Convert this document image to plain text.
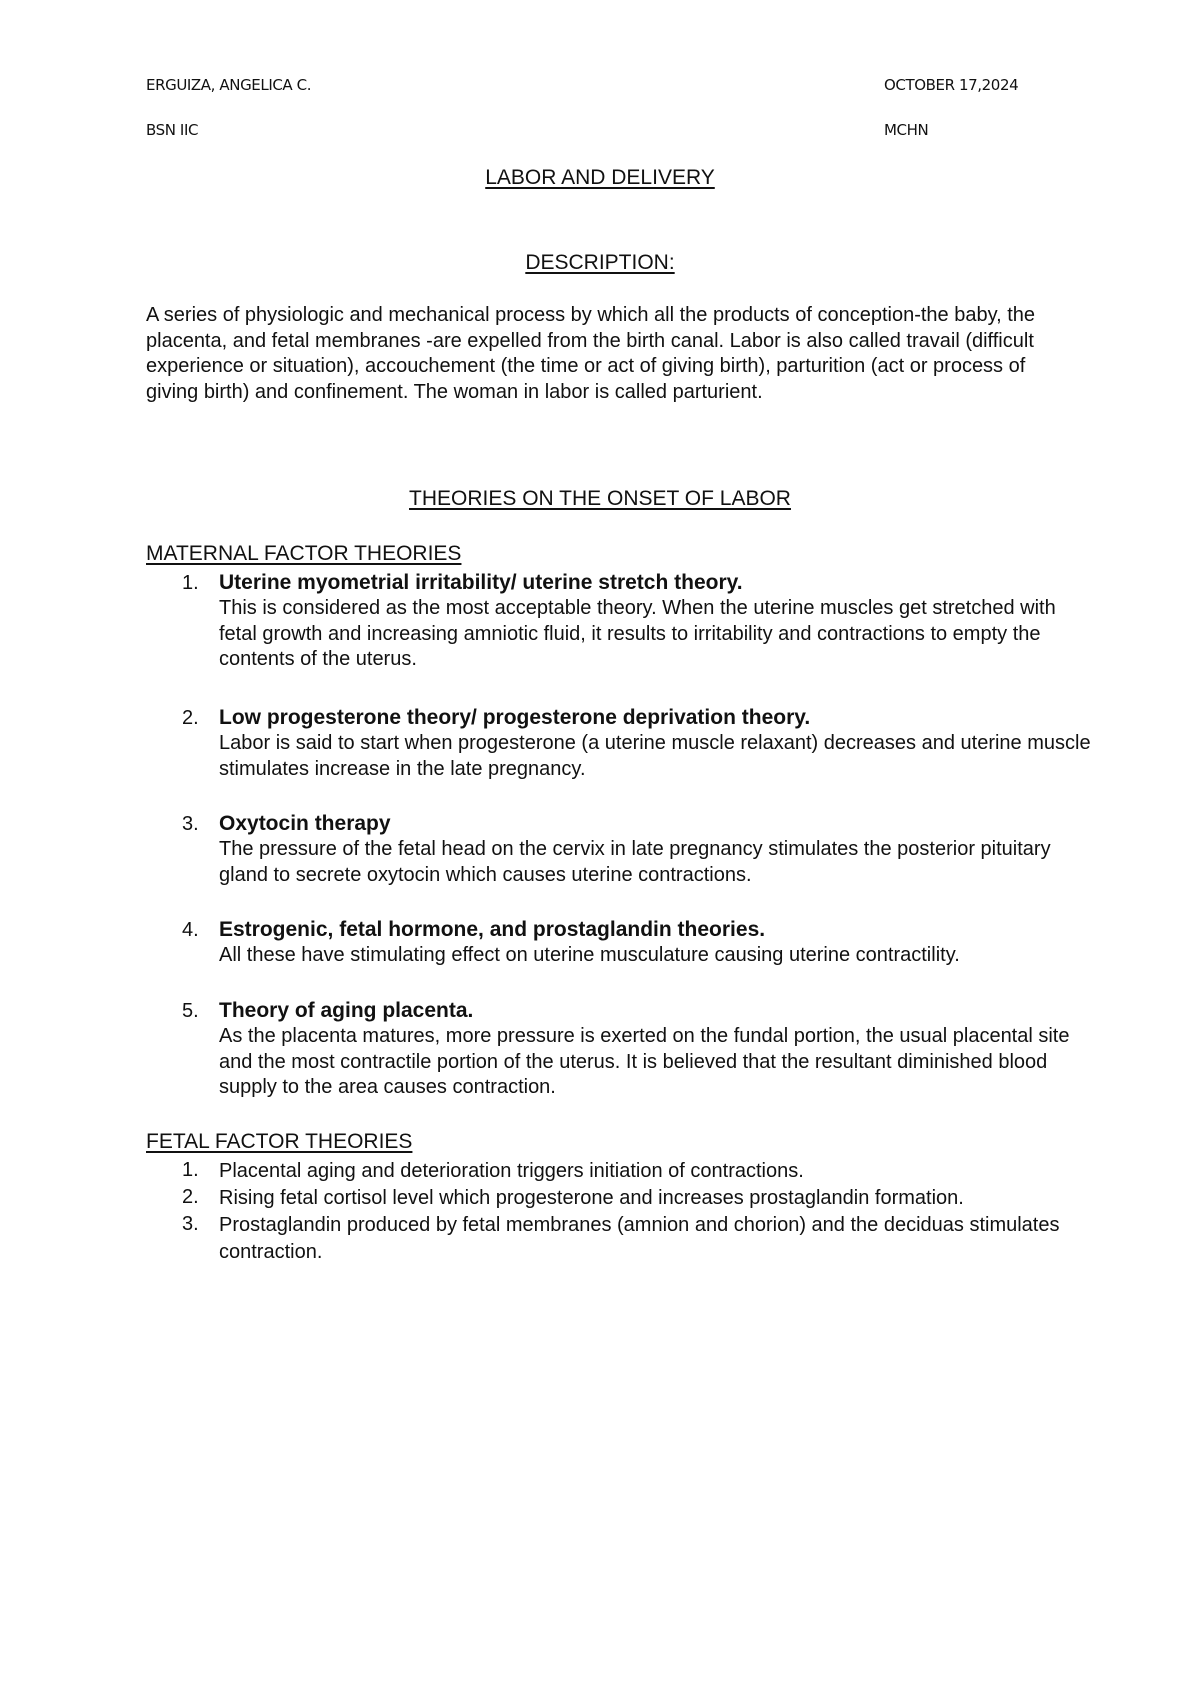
ERGUIZA, ANGELICA C.	OCTOBER 17,2024
BSN IIC	MCHN
LABOR AND DELIVERY
DESCRIPTION:
A series of physiologic and mechanical process by which all the products of conception-the baby, the placenta, and fetal membranes -are expelled from the birth canal. Labor is also called travail (difficult experience or situation), accouchement (the time or act of giving birth), parturition (act or process of giving birth) and confinement. The woman in labor is called parturient.
THEORIES ON THE ONSET OF LABOR
MATERNAL FACTOR THEORIES
1. Uterine myometrial irritability/ uterine stretch theory.
This is considered as the most acceptable theory. When the uterine muscles get stretched with fetal growth and increasing amniotic fluid, it results to irritability and contractions to empty the contents of the uterus.
2. Low progesterone theory/ progesterone deprivation theory.
Labor is said to start when progesterone (a uterine muscle relaxant) decreases and uterine muscle stimulates increase in the late pregnancy.
3. Oxytocin therapy
The pressure of the fetal head on the cervix in late pregnancy stimulates the posterior pituitary gland to secrete oxytocin which causes uterine contractions.
4. Estrogenic, fetal hormone, and prostaglandin theories.
All these have stimulating effect on uterine musculature causing uterine contractility.
5. Theory of aging placenta.
As the placenta matures, more pressure is exerted on the fundal portion, the usual placental site and the most contractile portion of the uterus. It is believed that the resultant diminished blood supply to the area causes contraction.
FETAL FACTOR THEORIES
1. Placental aging and deterioration triggers initiation of contractions.
2. Rising fetal cortisol level which progesterone and increases prostaglandin formation.
3. Prostaglandin produced by fetal membranes (amnion and chorion) and the deciduas stimulates contraction.
